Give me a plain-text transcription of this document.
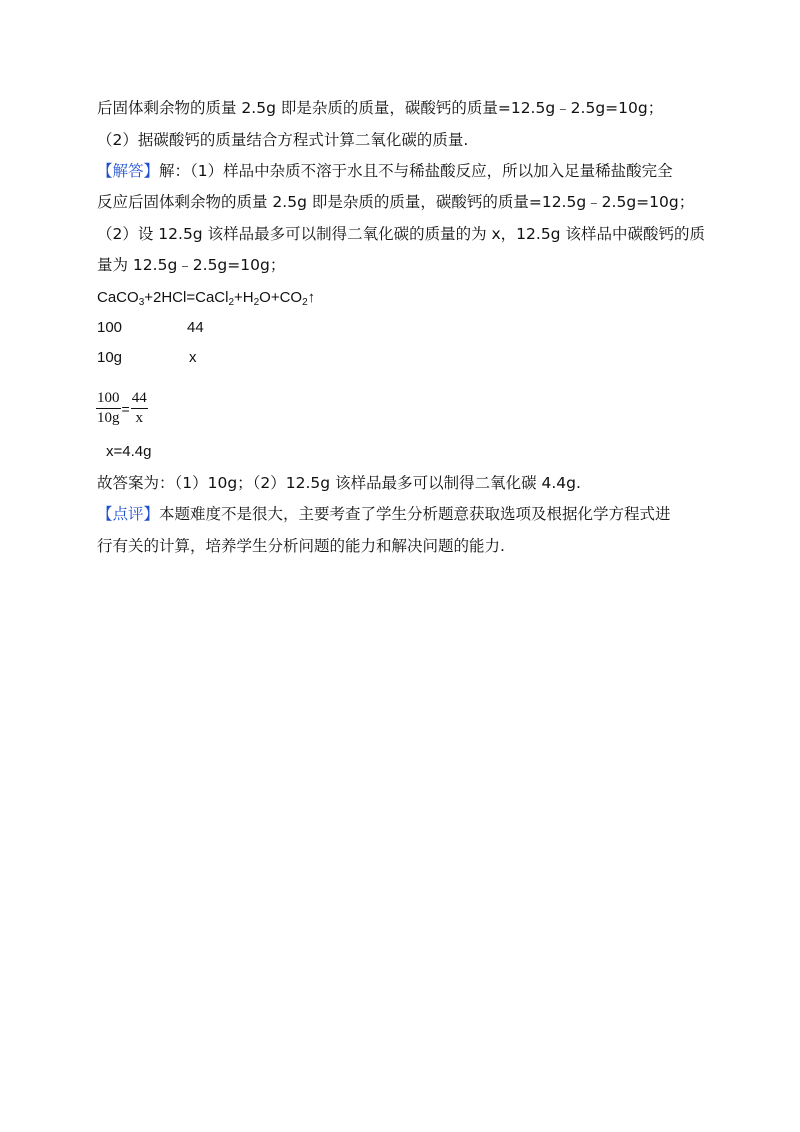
后固体剩余物的质量 2.5g 即是杂质的质量，碳酸钙的质量=12.5g﹣2.5g=10g；
（2）据碳酸钙的质量结合方程式计算二氧化碳的质量.
【解答】解：（1）样品中杂质不溶于水且不与稀盐酸反应，所以加入足量稀盐酸完全
反应后固体剩余物的质量 2.5g 即是杂质的质量，碳酸钙的质量=12.5g﹣2.5g=10g；
（2）设 12.5g 该样品最多可以制得二氧化碳的质量的为 x，12.5g 该样品中碳酸钙的质
量为 12.5g﹣2.5g=10g；
$CaCO_3+2HCl=CaCl_2+H_2O+CO_2↑$
100	44
10g	x
$\frac{100}{10g} = \frac{44}{x}$
x=4.4g
故答案为：（1）10g；（2）12.5g 该样品最多可以制得二氧化碳 4.4g.
【点评】本题难度不是很大，主要考查了学生分析题意获取选项及根据化学方程式进
行有关的计算，培养学生分析问题的能力和解决问题的能力.
